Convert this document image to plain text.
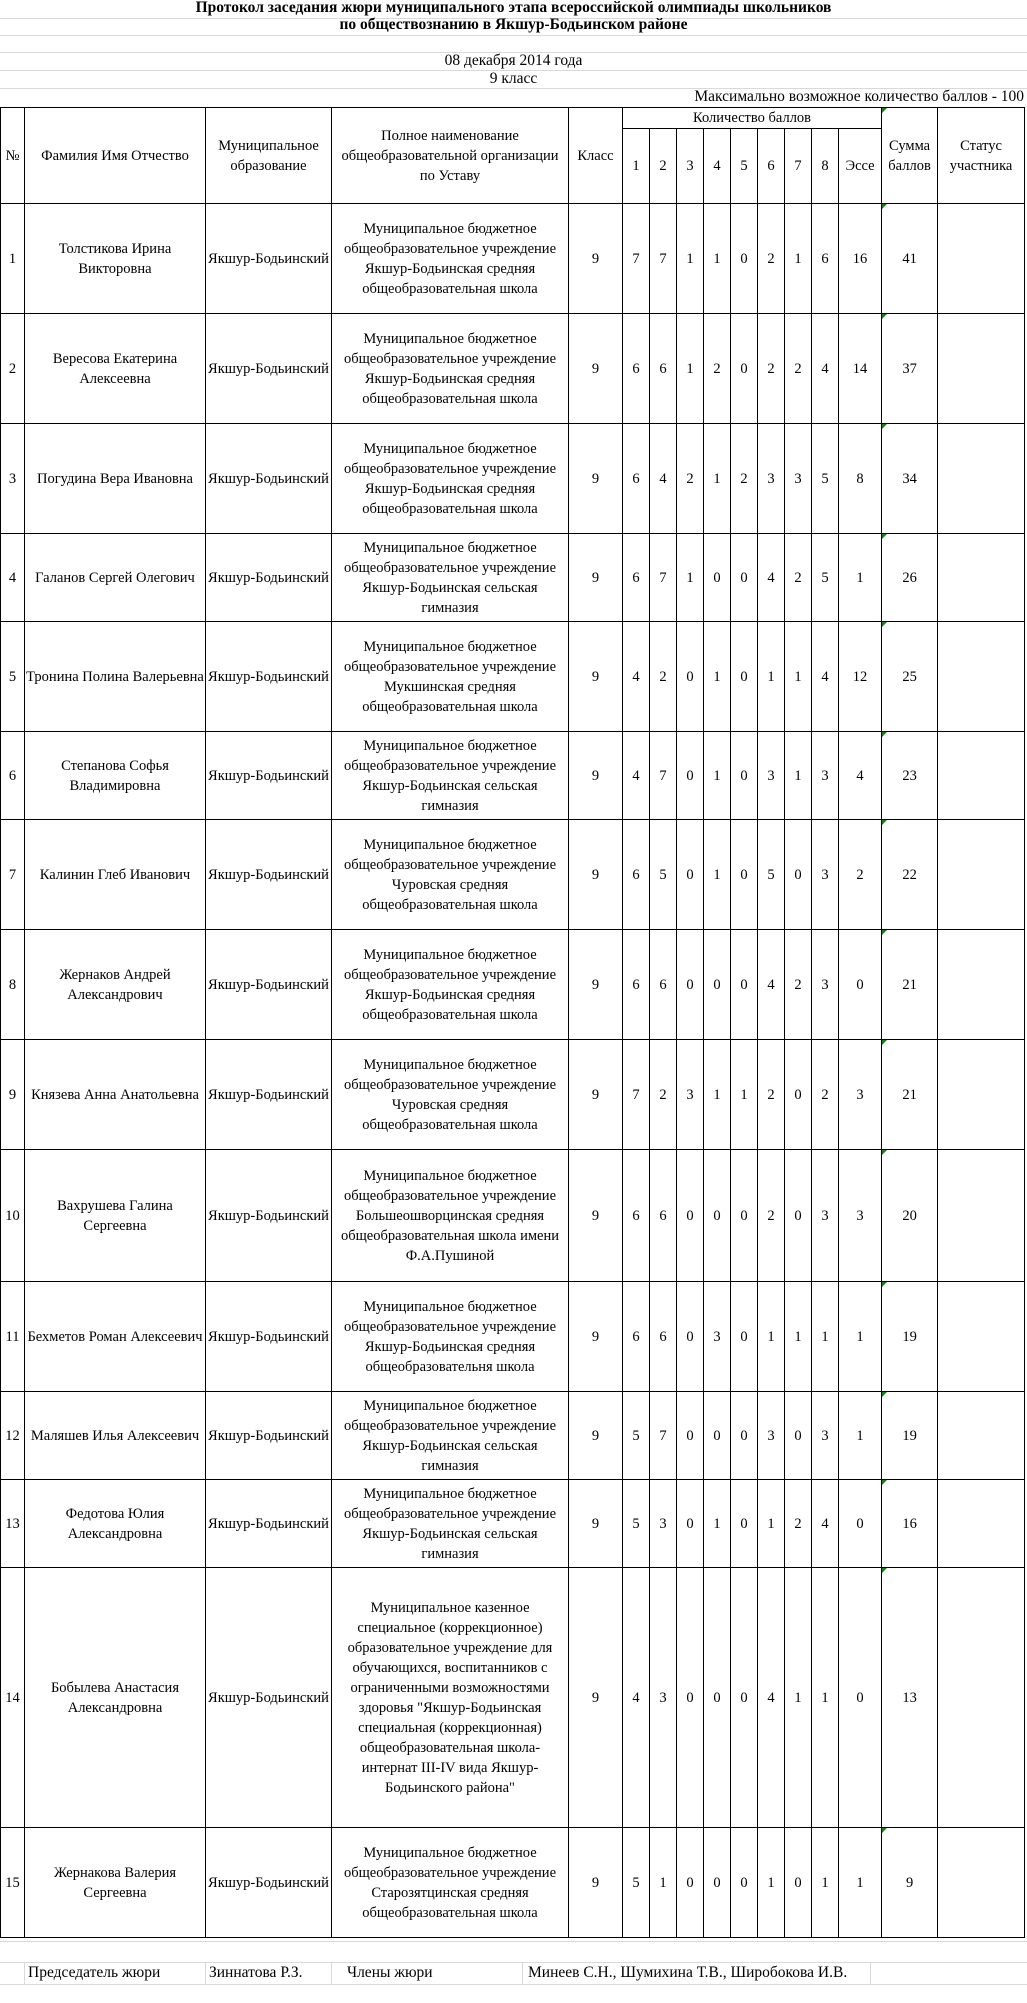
Протокол заседания жюри муниципального этапа всероссийской олимпиады школьников
по обществознанию в Якшур-Бодьинском районе
08 декабря 2014 года
9 класс
Максимально возможное количество баллов - 100
№	Фамилия Имя Отчество	Муниципальное образование	Полное наименование общеобразовательной организации по Уставу	Класс	Количество баллов									Сумма баллов	Статус участника
					1	2	3	4	5	6	7	8	Эссе		
1	Толстикова Ирина Викторовна	Якшур-Бодьинский	Муниципальное бюджетное общеобразовательное учреждение Якшур-Бодьинская средняя общеобразовательная школа	9	7	7	1	1	0	2	1	6	16	41	
2	Вересова Екатерина Алексеевна	Якшур-Бодьинский	Муниципальное бюджетное общеобразовательное учреждение Якшур-Бодьинская средняя общеобразовательная школа	9	6	6	1	2	0	2	2	4	14	37	
3	Погудина Вера Ивановна	Якшур-Бодьинский	Муниципальное бюджетное общеобразовательное учреждение Якшур-Бодьинская средняя общеобразовательная школа	9	6	4	2	1	2	3	3	5	8	34	
4	Галанов Сергей Олегович	Якшур-Бодьинский	Муниципальное бюджетное общеобразовательное учреждение Якшур-Бодьинская сельская гимназия	9	6	7	1	0	0	4	2	5	1	26	
5	Тронина Полина Валерьевна	Якшур-Бодьинский	Муниципальное бюджетное общеобразовательное учреждение Мукшинская средняя общеобразовательная школа	9	4	2	0	1	0	1	1	4	12	25	
6	Степанова Софья Владимировна	Якшур-Бодьинский	Муниципальное бюджетное общеобразовательное учреждение Якшур-Бодьинская сельская гимназия	9	4	7	0	1	0	3	1	3	4	23	
7	Калинин Глеб Иванович	Якшур-Бодьинский	Муниципальное бюджетное общеобразовательное учреждение Чуровская средняя общеобразовательная школа	9	6	5	0	1	0	5	0	3	2	22	
8	Жернаков Андрей Александрович	Якшур-Бодьинский	Муниципальное бюджетное общеобразовательное учреждение Якшур-Бодьинская средняя общеобразовательная школа	9	6	6	0	0	0	4	2	3	0	21	
9	Князева Анна Анатольевна	Якшур-Бодьинский	Муниципальное бюджетное общеобразовательное учреждение Чуровская средняя общеобразовательная школа	9	7	2	3	1	1	2	0	2	3	21	
10	Вахрушева Галина Сергеевна	Якшур-Бодьинский	Муниципальное бюджетное общеобразовательное учреждение Большеошворцинская средняя общеобразовательная школа имени Ф.А.Пушиной	9	6	6	0	0	0	2	0	3	3	20	
11	Бехметов Роман Алексеевич	Якшур-Бодьинский	Муниципальное бюджетное общеобразовательное учреждение Якшур-Бодьинская средняя общеобразовательня школа	9	6	6	0	3	0	1	1	1	1	19	
12	Маляшев Илья Алексеевич	Якшур-Бодьинский	Муниципальное бюджетное общеобразовательное учреждение Якшур-Бодьинская сельская гимназия	9	5	7	0	0	0	3	0	3	1	19	
13	Федотова Юлия Александровна	Якшур-Бодьинский	Муниципальное бюджетное общеобразовательное учреждение Якшур-Бодьинская сельская гимназия	9	5	3	0	1	0	1	2	4	0	16	
14	Бобылева Анастасия Александровна	Якшур-Бодьинский	Муниципальное казенное специальное (коррекционное) образовательное учреждение для обучающихся, воспитанников с ограниченными возможностями здоровья "Якшур-Бодьинская специальная (коррекционная) общеобразовательная школа-интернат III-IV вида Якшур-Бодьинского района"	9	4	3	0	0	0	4	1	1	0	13	
15	Жернакова Валерия Сергеевна	Якшур-Бодьинский	Муниципальное бюджетное общеобразовательное учреждение Старозятцинская средняя общеобразовательная школа	9	5	1	0	0	0	1	0	1	1	9	
Председатель жюри	Зиннатова Р.З.	Члены жюри	Минеев С.Н., Шумихина Т.В., Широбокова И.В.
